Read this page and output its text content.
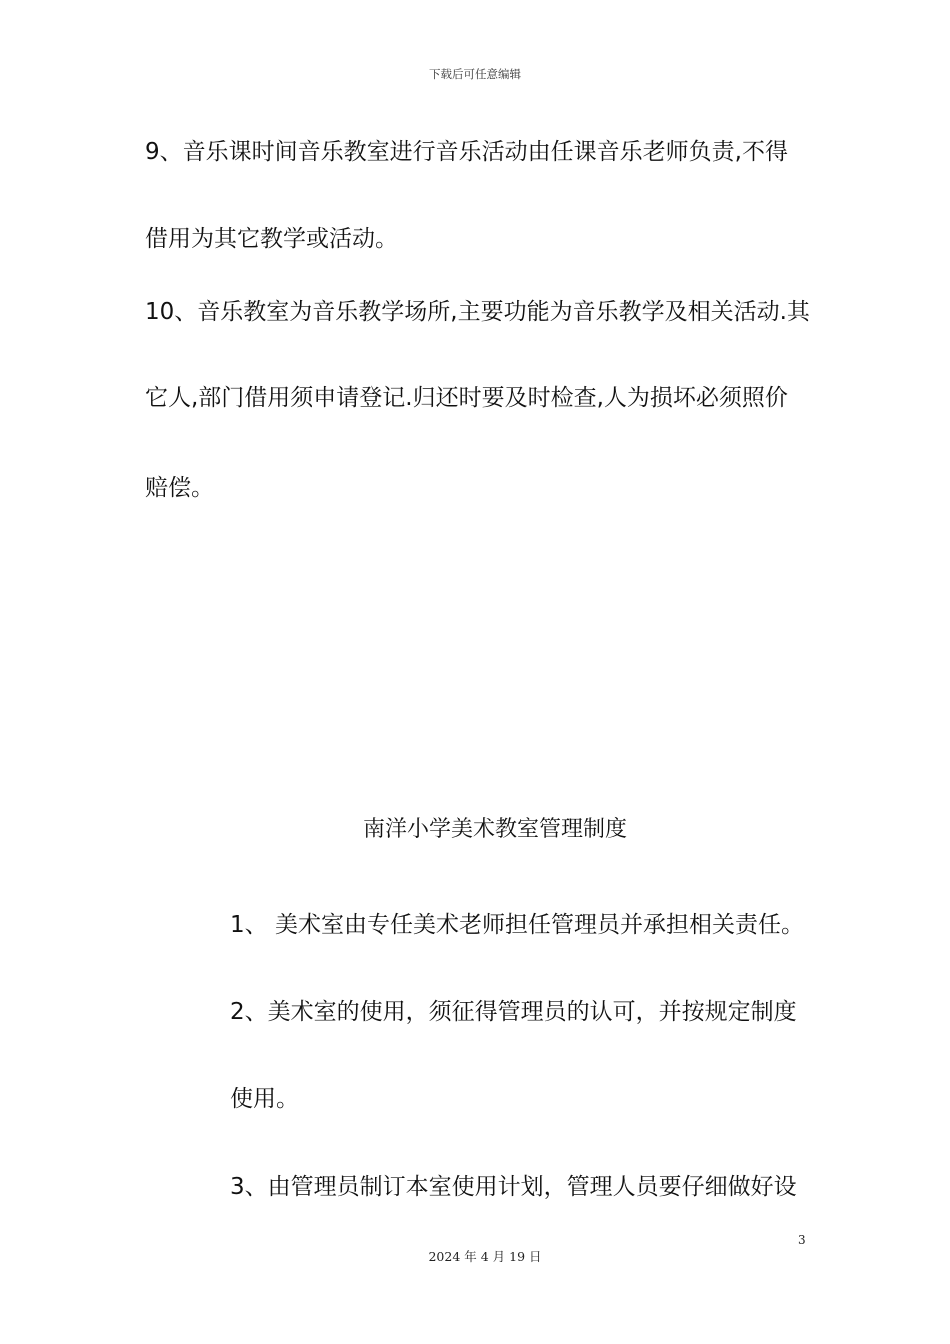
下载后可任意编辑
9、音乐课时间音乐教室进行音乐活动由任课音乐老师负责,不得
借用为其它教学或活动。
10、音乐教室为音乐教学场所,主要功能为音乐教学及相关活动.其
它人,部门借用须申请登记.归还时要及时检查,人为损坏必须照价
赔偿。
南洋小学美术教室管理制度
1、 美术室由专任美术老师担任管理员并承担相关责任。
2、美术室的使用，须征得管理员的认可，并按规定制度
使用。
3、由管理员制订本室使用计划，管理人员要仔细做好设
3
2024 年 4 月 19 日
